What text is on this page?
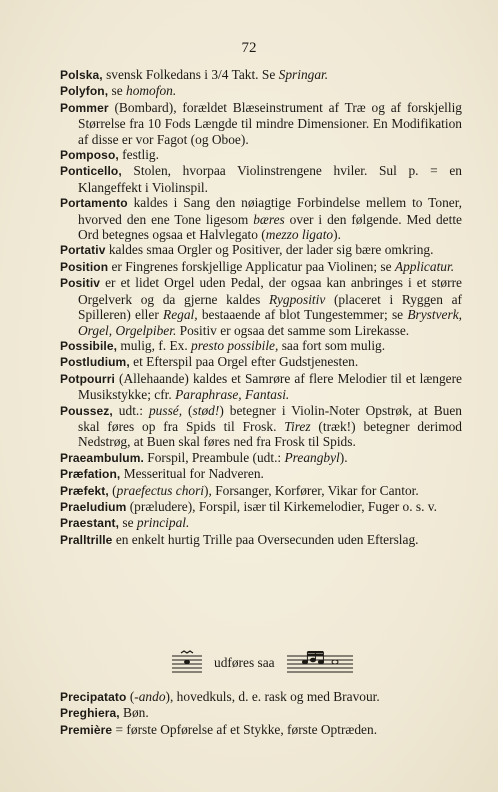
72

Polska, svensk Folkedans i 3/4 Takt. Se Springar.

Polyfon, se homofon.

Pommer (Bombard), forældet Blæseinstrument af Træ og af forskjellig Størrelse fra 10 Fods Længde til mindre Dimensioner. En Modifikation af disse er vor Fagot (og Oboe).

Pomposo, festlig.

Ponticello, Stolen, hvorpaa Violinstrengene hviler. Sul p. = en Klangeffekt i Violinspil.

Portamento kaldes i Sang den nøiagtige Forbindelse mellem to Toner, hvorved den ene Tone ligesom bæres over i den følgende. Med dette Ord betegnes ogsaa et Halvlegato (mezzo ligato).

Portativ kaldes smaa Orgler og Positiver, der lader sig bære omkring.

Position er Fingrenes forskjellige Applicatur paa Violinen; se Applicatur.

Positiv er et lidet Orgel uden Pedal, der ogsaa kan anbringes i et større Orgelverk og da gjerne kaldes Rygpositiv (placeret i Ryggen af Spilleren) eller Regal, bestaaende af blot Tungestemmer; se Brystverk, Orgel, Orgelpiber. Positiv er ogsaa det samme som Lirekasse.

Possibile, mulig, f. Ex. presto possibile, saa fort som mulig.

Postludium, et Efterspil paa Orgel efter Gudstjenesten.

Potpourri (Allehaande) kaldes et Samrøre af flere Melodier til et længere Musikstykke; cfr. Paraphrase, Fantasi.

Poussez, udt.: pussé, (stød!) betegner i Violin-Noter Opstrøk, at Buen skal føres op fra Spids til Frosk. Tirez (træk!) betegner derimod Nedstrøg, at Buen skal føres ned fra Frosk til Spids.

Praeambulum. Forspil, Preambule (udt.: Preangbyl).

Præfation, Messeritual for Nadveren.

Præfekt, (praefectus chori), Forsanger, Korfører, Vikar for Cantor.

Praeludium (præludere), Forspil, især til Kirkemelodier, Fuger o. s. v.

Praestant, se principal.

Pralltrille en enkelt hurtig Trille paa Oversecunden uden Efterslag.

udføres saa

Precipatato (-ando), hovedkuls, d. e. rask og med Bravour.

Preghiera, Bøn.

Première = første Opførelse af et Stykke, første Optræden.
